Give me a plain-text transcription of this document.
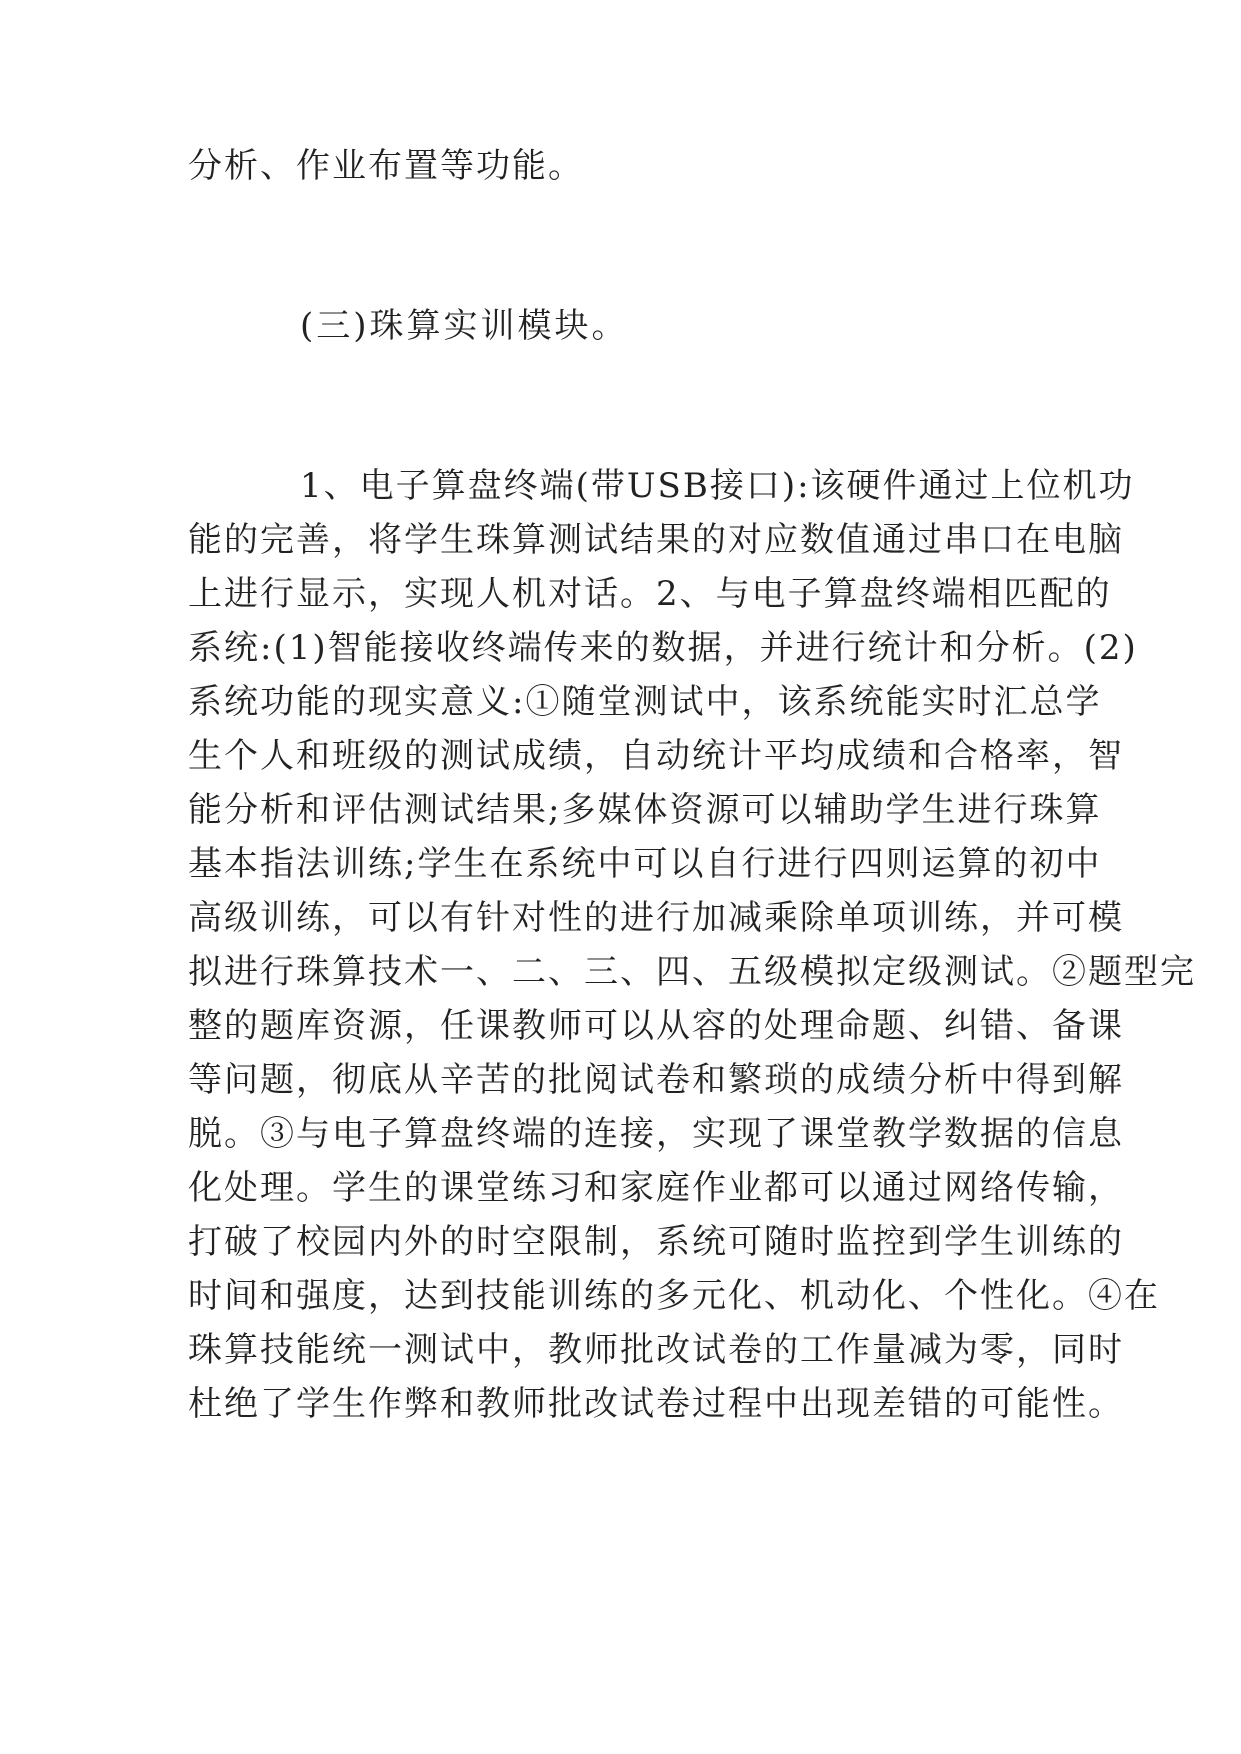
分析、作业布置等功能。
(三)珠算实训模块。
1、电子算盘终端(带USB接口):该硬件通过上位机功
能的完善，将学生珠算测试结果的对应数值通过串口在电脑
上进行显示，实现人机对话。2、与电子算盘终端相匹配的
系统:(1)智能接收终端传来的数据，并进行统计和分析。(2)
系统功能的现实意义:①随堂测试中，该系统能实时汇总学
生个人和班级的测试成绩，自动统计平均成绩和合格率，智
能分析和评估测试结果;多媒体资源可以辅助学生进行珠算
基本指法训练;学生在系统中可以自行进行四则运算的初中
高级训练，可以有针对性的进行加减乘除单项训练，并可模
拟进行珠算技术一、二、三、四、五级模拟定级测试。②题型完
整的题库资源，任课教师可以从容的处理命题、纠错、备课
等问题，彻底从辛苦的批阅试卷和繁琐的成绩分析中得到解
脱。③与电子算盘终端的连接，实现了课堂教学数据的信息
化处理。学生的课堂练习和家庭作业都可以通过网络传输，
打破了校园内外的时空限制，系统可随时监控到学生训练的
时间和强度，达到技能训练的多元化、机动化、个性化。④在
珠算技能统一测试中，教师批改试卷的工作量减为零，同时
杜绝了学生作弊和教师批改试卷过程中出现差错的可能性。
